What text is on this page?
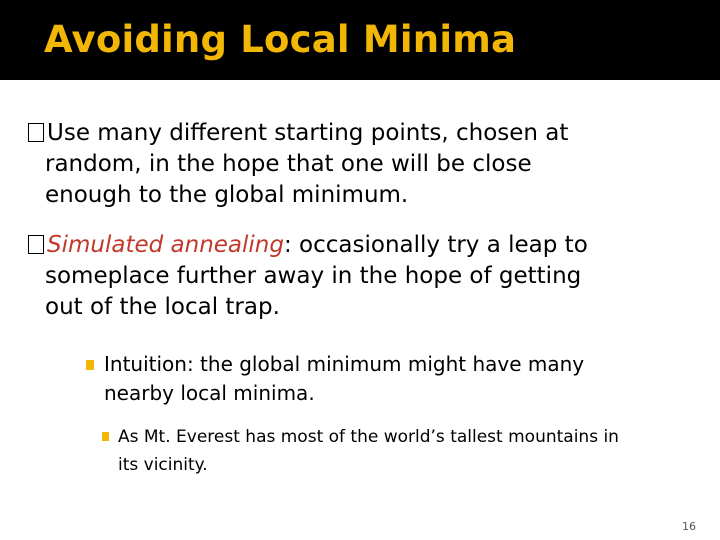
Avoiding Local Minima
Use many different starting points, chosen at
random, in the hope that one will be close
enough to the global minimum.
Simulated annealing: occasionally try a leap to
someplace further away in the hope of getting
out of the local trap.
Intuition: the global minimum might have many
nearby local minima.
As Mt. Everest has most of the world’s tallest mountains in
its vicinity.
16
